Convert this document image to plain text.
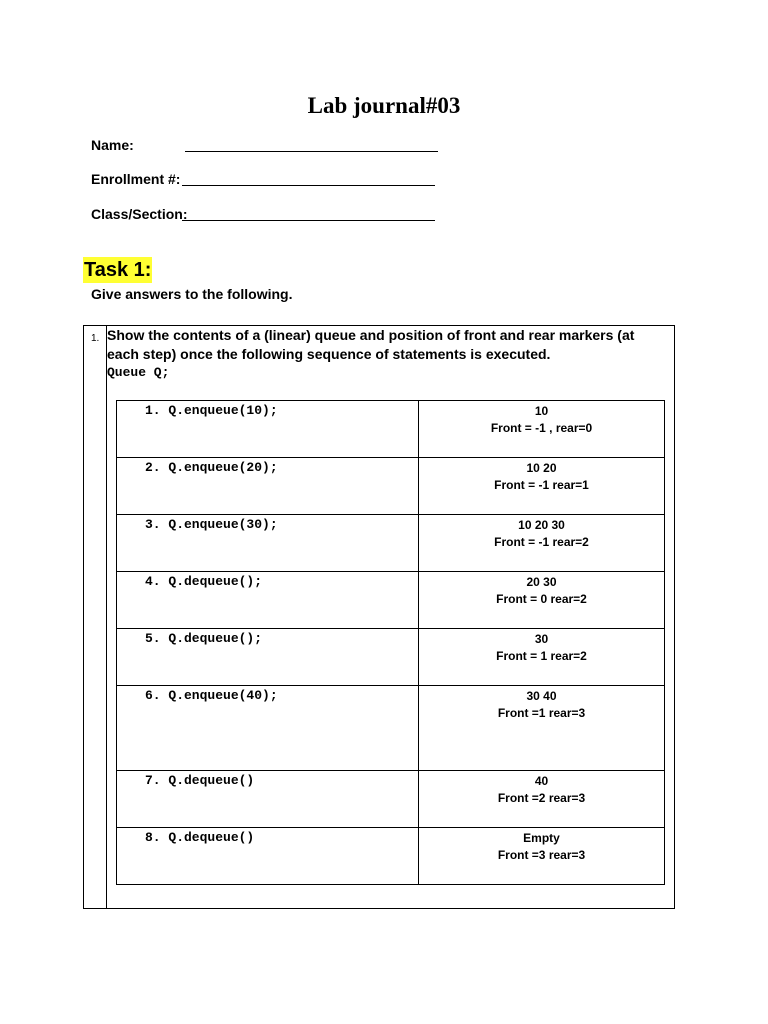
Lab journal#03
Name:
Enrollment #:
Class/Section:
Task 1:
Give answers to the following.
1. Show the contents of a (linear) queue and position of front and rear markers (at each step) once the following sequence of statements is executed.
Queue Q;
1. Q.enqueue(10);	10
Front = -1 , rear=0

2. Q.enqueue(20);	10 20
Front = -1 rear=1

3. Q.enqueue(30);	10 20 30
Front = -1 rear=2

4. Q.dequeue();	20 30
Front = 0 rear=2

5. Q.dequeue();	30
Front = 1 rear=2

6. Q.enqueue(40);	30 40
Front =1 rear=3

7. Q.dequeue()	40
Front =2 rear=3

8. Q.dequeue()	Empty
Front =3 rear=3
